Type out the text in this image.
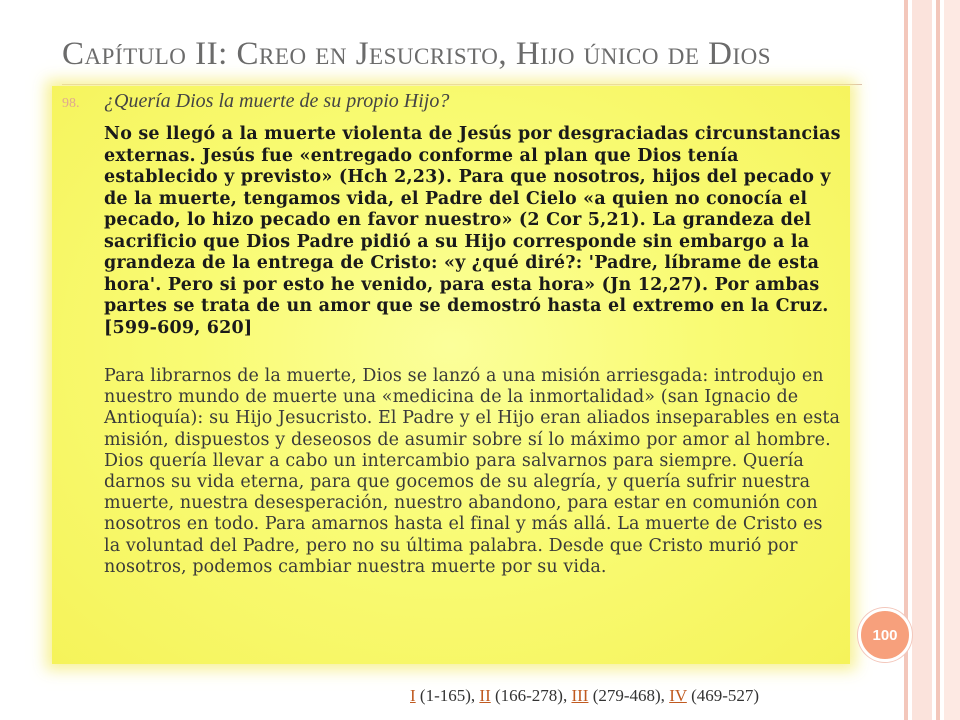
Capítulo II: Creo en Jesucristo, Hijo único de Dios
98. ¿Quería Dios la muerte de su propio Hijo?

No se llegó a la muerte violenta de Jesús por desgraciadas circunstancias externas. Jesús fue «entregado conforme al plan que Dios tenía establecido y previsto» (Hch 2,23). Para que nosotros, hijos del pecado y de la muerte, tengamos vida, el Padre del Cielo «a quien no conocía el pecado, lo hizo pecado en favor nuestro» (2 Cor 5,21). La grandeza del sacrificio que Dios Padre pidió a su Hijo corresponde sin embargo a la grandeza de la entrega de Cristo: «y ¿qué diré?: 'Padre, líbrame de esta hora'. Pero si por esto he venido, para esta hora» (Jn 12,27). Por ambas partes se trata de un amor que se demostró hasta el extremo en la Cruz. [599-609, 620]

Para librarnos de la muerte, Dios se lanzó a una misión arriesgada: introdujo en nuestro mundo de muerte una «medicina de la inmortalidad» (san Ignacio de Antioquía): su Hijo Jesucristo. El Padre y el Hijo eran aliados inseparables en esta misión, dispuestos y deseosos de asumir sobre sí lo máximo por amor al hombre. Dios quería llevar a cabo un intercambio para salvarnos para siempre. Quería darnos su vida eterna, para que gocemos de su alegría, y quería sufrir nuestra muerte, nuestra desesperación, nuestro abandono, para estar en comunión con nosotros en todo. Para amarnos hasta el final y más allá. La muerte de Cristo es la voluntad del Padre, pero no su última palabra. Desde que Cristo murió por nosotros, podemos cambiar nuestra muerte por su vida.

100
I (1-165), II (166-278), III (279-468), IV (469-527)
